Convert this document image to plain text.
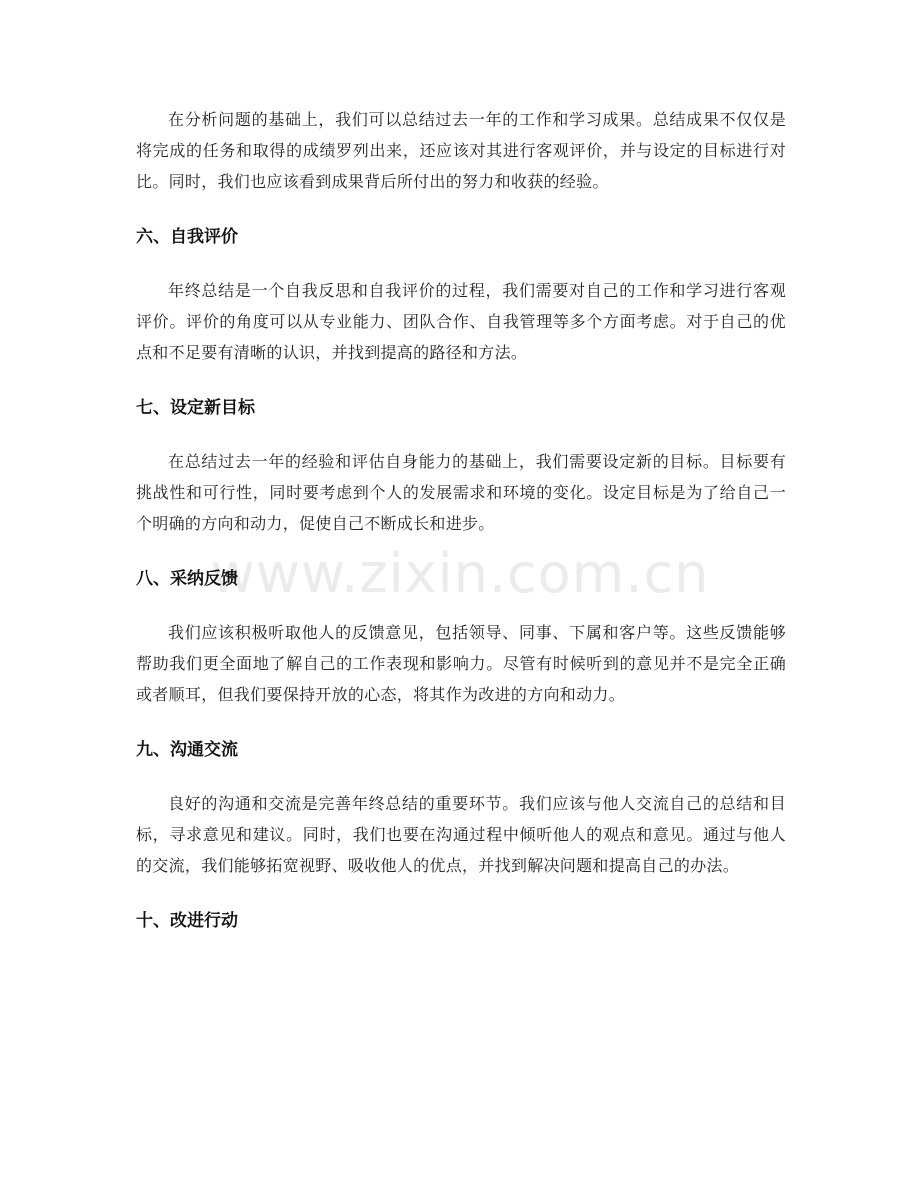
在分析问题的基础上，我们可以总结过去一年的工作和学习成果。总结成果不仅仅是将完成的任务和取得的成绩罗列出来，还应该对其进行客观评价，并与设定的目标进行对比。同时，我们也应该看到成果背后所付出的努力和收获的经验。

六、自我评价

年终总结是一个自我反思和自我评价的过程，我们需要对自己的工作和学习进行客观评价。评价的角度可以从专业能力、团队合作、自我管理等多个方面考虑。对于自己的优点和不足要有清晰的认识，并找到提高的路径和方法。

七、设定新目标

在总结过去一年的经验和评估自身能力的基础上，我们需要设定新的目标。目标要有挑战性和可行性，同时要考虑到个人的发展需求和环境的变化。设定目标是为了给自己一个明确的方向和动力，促使自己不断成长和进步。

八、采纳反馈

我们应该积极听取他人的反馈意见，包括领导、同事、下属和客户等。这些反馈能够帮助我们更全面地了解自己的工作表现和影响力。尽管有时候听到的意见并不是完全正确或者顺耳，但我们要保持开放的心态，将其作为改进的方向和动力。

九、沟通交流

良好的沟通和交流是完善年终总结的重要环节。我们应该与他人交流自己的总结和目标，寻求意见和建议。同时，我们也要在沟通过程中倾听他人的观点和意见。通过与他人的交流，我们能够拓宽视野、吸收他人的优点，并找到解决问题和提高自己的办法。

十、改进行动
www.zixin.com.cn
